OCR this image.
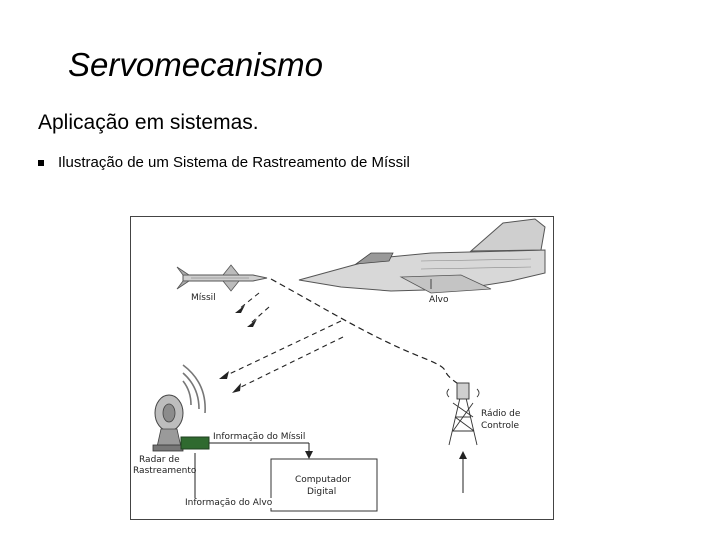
Servomecanismo
Aplicação em sistemas.
Ilustração de um Sistema de Rastreamento de Míssil
Míssil	Alvo
Rádio de
Controle
Informação do Míssil
Radar de
Rastreamento
Computador
Digital
Informação do Alvo
